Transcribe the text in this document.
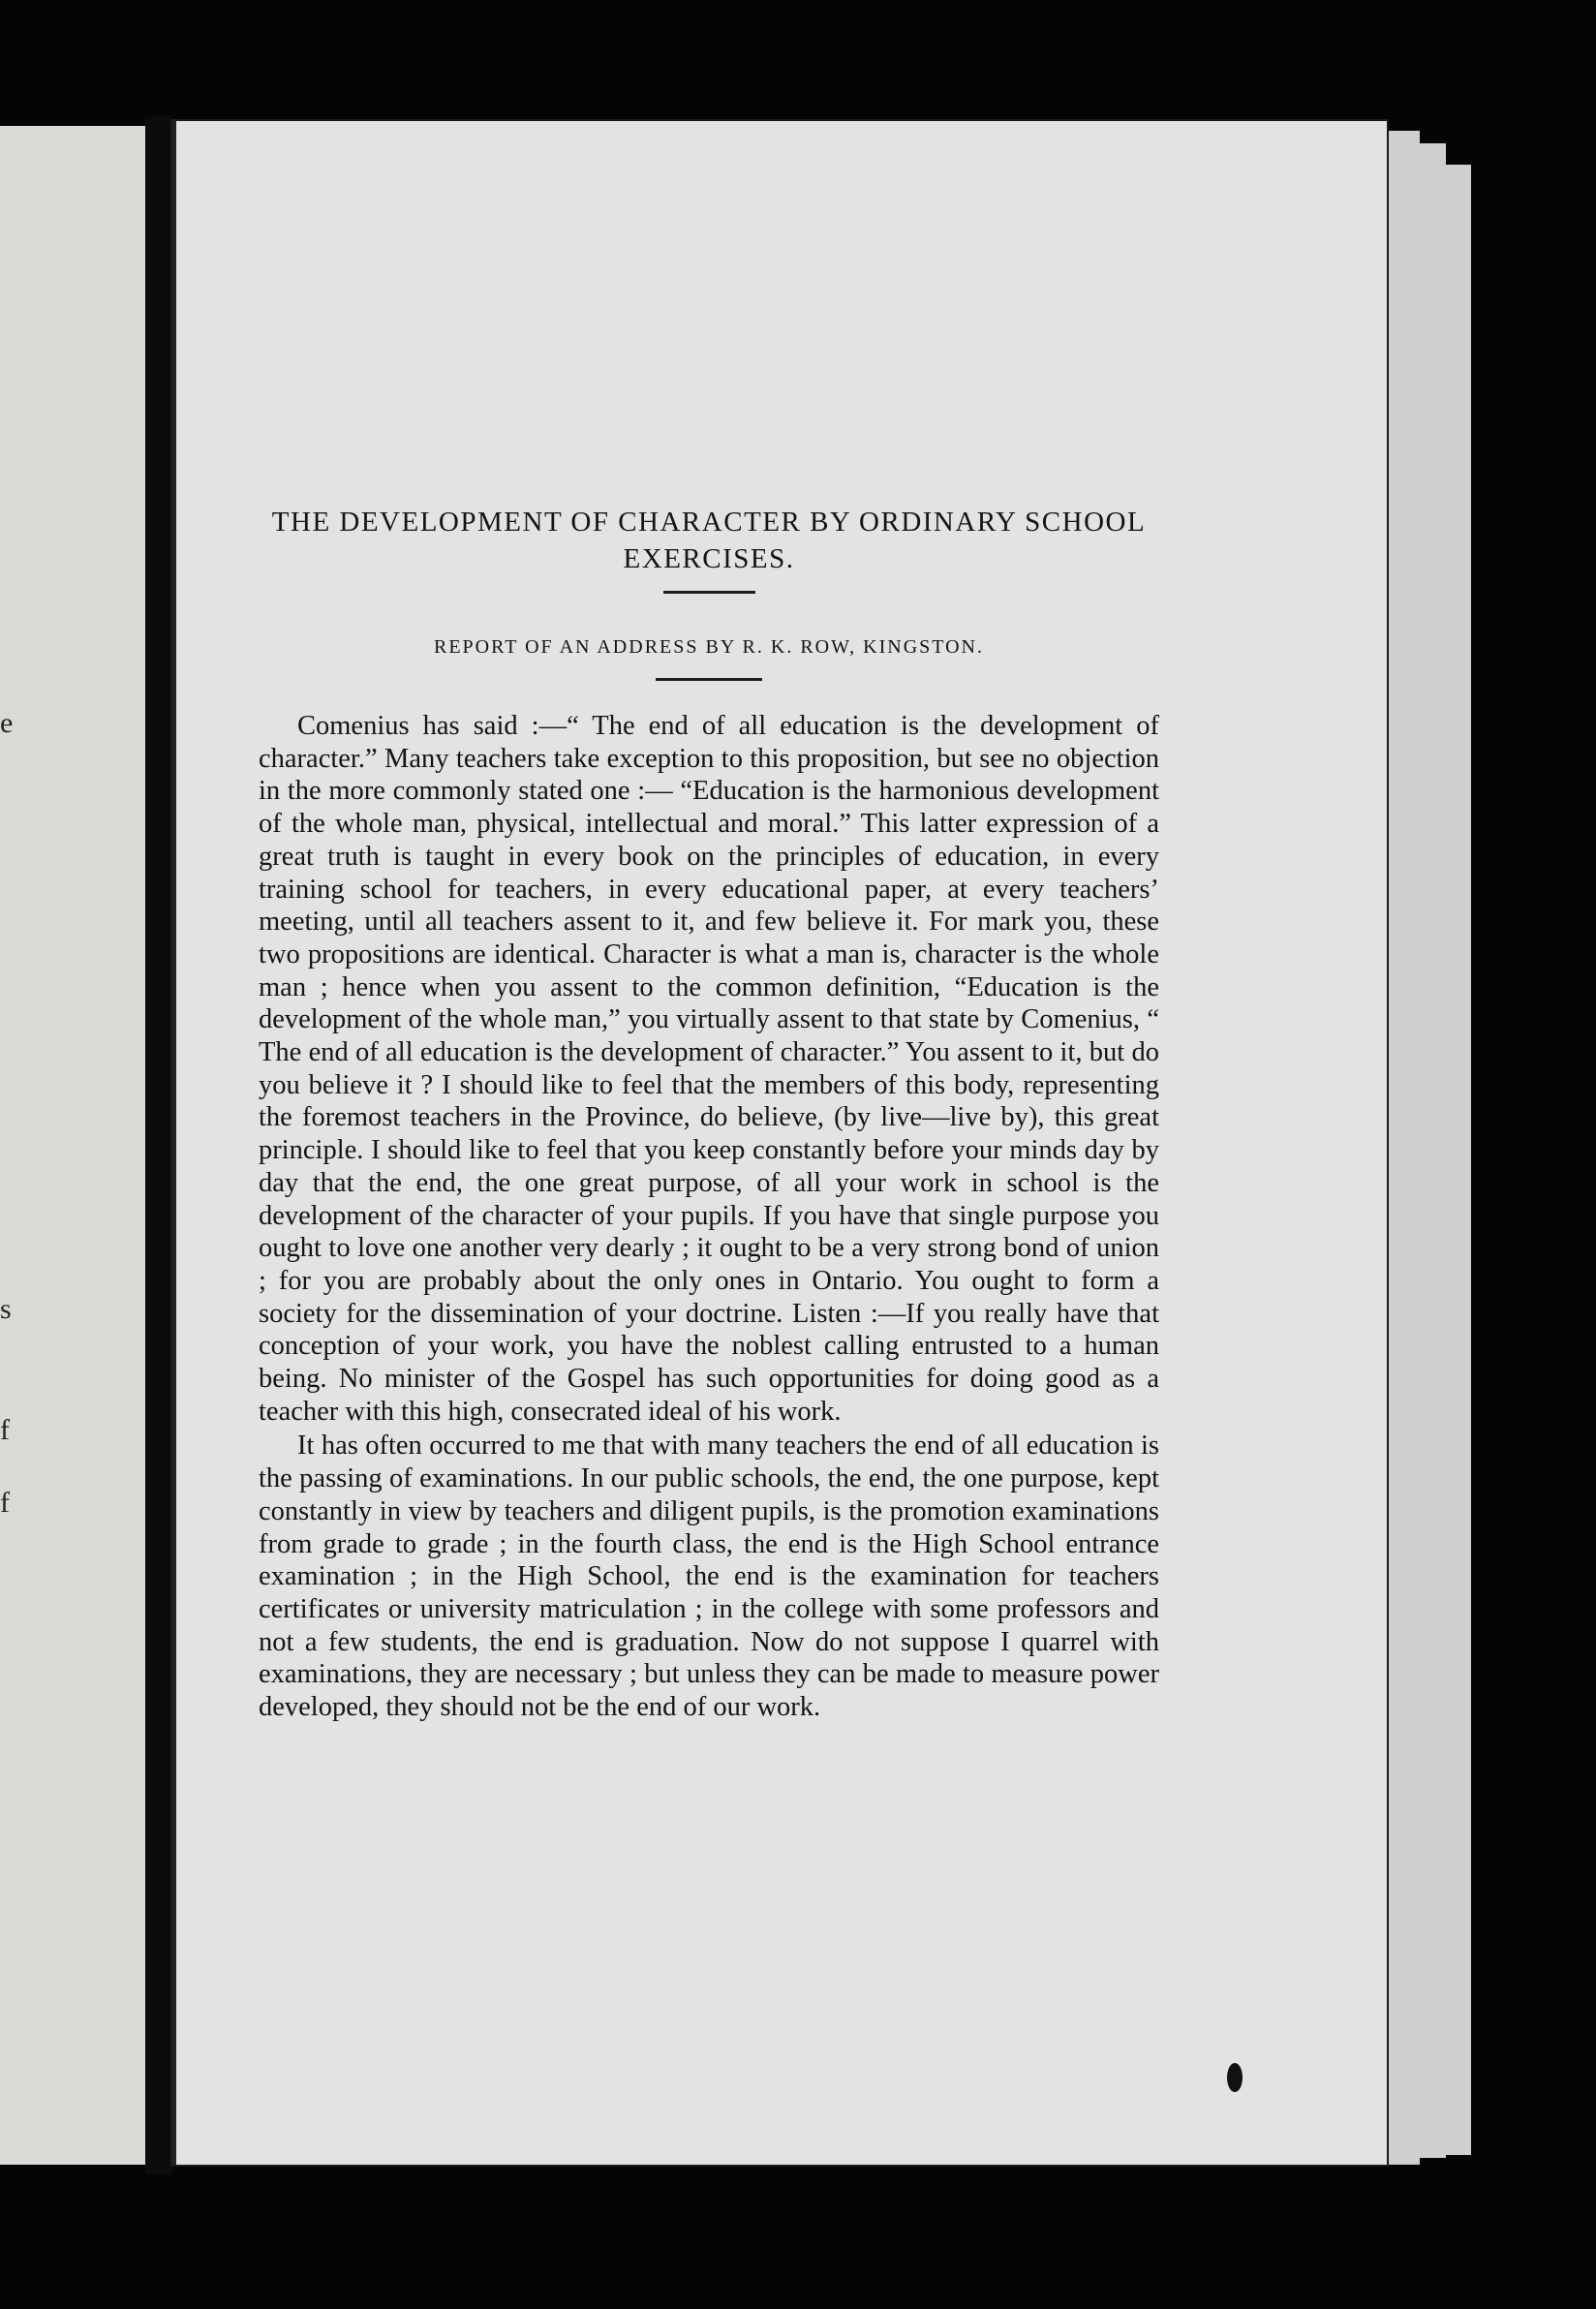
e
s
f
f
THE DEVELOPMENT OF CHARACTER BY ORDINARY SCHOOL EXERCISES.
REPORT OF AN ADDRESS BY R. K. ROW, KINGSTON.

Comenius has said :—“ The end of all education is the development of character.” Many teachers take exception to this proposition, but see no objection in the more commonly stated one :— “Education is the harmonious development of the whole man, physical, intellectual and moral.” This latter expression of a great truth is taught in every book on the principles of education, in every training school for teachers, in every educational paper, at every teachers’ meeting, until all teachers assent to it, and few believe it. For mark you, these two propositions are identical. Character is what a man is, character is the whole man ; hence when you assent to the common definition, “Education is the development of the whole man,” you virtually assent to that state by Comenius, “ The end of all education is the development of character.” You assent to it, but do you believe it ? I should like to feel that the members of this body, representing the foremost teachers in the Province, do believe, (by live—live by), this great principle. I should like to feel that you keep constantly before your minds day by day that the end, the one great purpose, of all your work in school is the development of the character of your pupils. If you have that single purpose you ought to love one another very dearly ; it ought to be a very strong bond of union ; for you are probably about the only ones in Ontario. You ought to form a society for the dissemination of your doctrine. Listen :—If you really have that conception of your work, you have the noblest calling entrusted to a human being. No minister of the Gospel has such opportunities for doing good as a teacher with this high, consecrated ideal of his work.

It has often occurred to me that with many teachers the end of all education is the passing of examinations. In our public schools, the end, the one purpose, kept constantly in view by teachers and diligent pupils, is the promotion examinations from grade to grade ; in the fourth class, the end is the High School entrance examination ; in the High School, the end is the examination for teachers certificates or university matriculation ; in the college with some professors and not a few students, the end is graduation. Now do not suppose I quarrel with examinations, they are necessary ; but unless they can be made to measure power developed, they should not be the end of our work.
